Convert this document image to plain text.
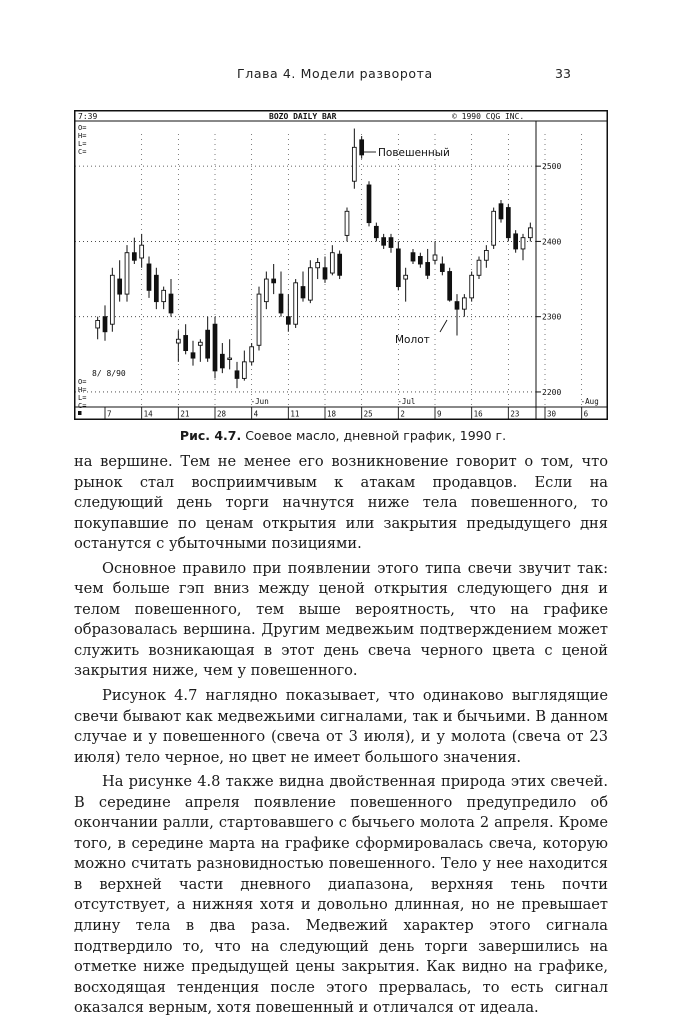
Глава 4. Модели разворота	33
7:39	BOZO DAILY BAR	© 1990 CQG INC.
O=
H=
L=
C=
O=
H=
L=
C=
8/ 8/90
2500
2400
2300
2200
7	14	21	28	4	11	18	25	2	9	16	23	30	6
-Jun	-Jul	-Aug
Повешенный
Молот
Рис. 4.7. Соевое масло, дневной график, 1990 г.

на вершине. Тем не менее его возникновение говорит о том, что рынок стал восприимчивым к атакам продавцов. Если на следующий день торги начнутся ниже тела повешенного, то покупавшие по ценам открытия или закрытия предыдущего дня останутся с убыточными позициями.

Основное правило при появлении этого типа свечи звучит так: чем больше гэп вниз между ценой открытия следующего дня и телом повешенного, тем выше вероятность, что на графике образовалась вершина. Другим медвежьим подтверждением может служить возникающая в этот день свеча черного цвета с ценой закрытия ниже, чем у повешенного.

Рисунок 4.7 наглядно показывает, что одинаково выглядящие свечи бывают как медвежьими сигналами, так и бычьими. В данном случае и у повешенного (свеча от 3 июля), и у молота (свеча от 23 июля) тело черное, но цвет не имеет большого значения.

На рисунке 4.8 также видна двойственная природа этих свечей. В середине апреля появление повешенного предупредило об окончании ралли, стартовавшего с бычьего молота 2 апреля. Кроме того, в середине марта на графике сформировалась свеча, которую можно считать разновидностью повешенного. Тело у нее находится в верхней части дневного диапазона, верхняя тень почти отсутствует, а нижняя хотя и довольно длинная, но не превышает длину тела в два раза. Медвежий характер этого сигнала подтвердило то, что на следующий день торги завершились на отметке ниже предыдущей цены закрытия. Как видно на графике, восходящая тенденция после этого прервалась, то есть сигнал оказался верным, хотя повешенный и отличался от идеала.
